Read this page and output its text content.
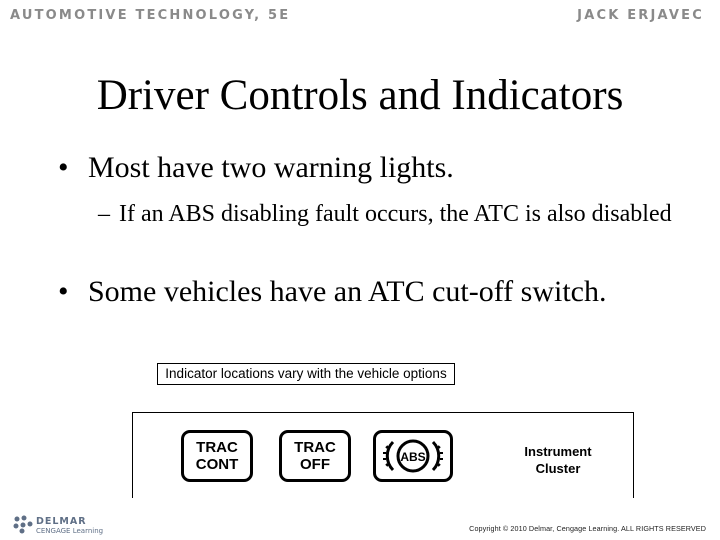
AUTOMOTIVE TECHNOLOGY, 5E	JACK ERJAVEC
Driver Controls and Indicators
• Most have two warning lights.
– If an ABS disabling fault occurs, the ATC is also disabled
• Some vehicles have an ATC cut-off switch.
Indicator locations vary with the vehicle options
TRAC
CONT
TRAC
OFF	ABS	Instrument
Cluster
DELMAR
CENGAGE Learning	Copyright © 2010 Delmar, Cengage Learning. ALL RIGHTS RESERVED
